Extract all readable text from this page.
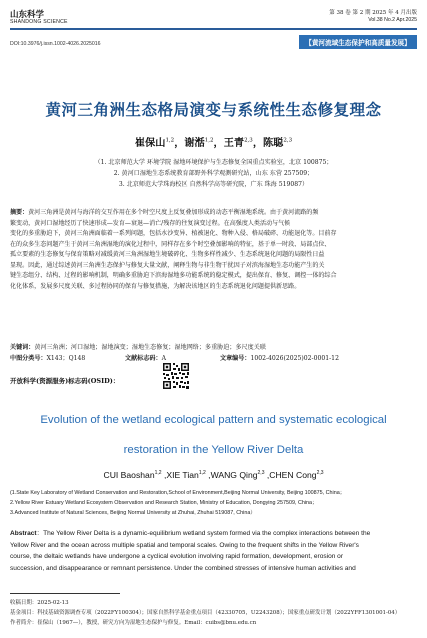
山东科学
SHANDONG SCIENCE
第 38 卷 第 2 期 2025 年 4 月出版
Vol.38 No.2 Apr.2025
DOI:10.3976/j.issn.1002-4026.2025016	【黄河流域生态保护和高质量发展】
黄河三角洲生态格局演变与系统性生态修复理念
崔保山$^{1,2}$，谢湉$^{1,2}$，王青$^{2,3}$，陈聪$^{2,3}$
（1. 北京师范大学 环境学院 湿地环境保护与生态修复全国重点实验室，北京 100875；
2. 黄河口湿地生态系统教育部野外科学观测研究站，山东 东营 257509；
3. 北京师范大学珠海校区 自然科学高等研究院，广东 珠海 519087）
摘要：黄河三角洲是黄河与海洋的交互作用在多个时空尺度上反复叠加形成的动态平衡湿地系统。由于黄河流路的频
繁变动，黄河口湿地经历了快速形成—发育—衰退—消亡/残存的往复演变过程。在高强度人类活动与气候
变化的多重胁迫下，黄河三角洲面临着一系列问题，包括水沙变异、植被退化、物种入侵、格局破碎、功能退化等。目前存
在的众多生态问题产生于黄河三角洲湿地的演化过程中，同样存在多个时空叠加影响的特征，基于单一时段、局部点位、
孤立要素的生态修复与保育策略对减缓黄河三角洲湿地生境破碎化、生物多样性减少、生态系统退化问题的局限性日益
显现。因此，通过综述黄河三角洲生态保护与修复大量文献，阐释生物与非生物干扰因子对滨海湿地生态功能产生的关
键生态组分、结构、过程的影响机制，明确多重胁迫下滨海湿地多功能系统的稳定模式，提出保育、修复、调控一体的综合
化化体系，发展多尺度关联、多过程协同的保育与修复措施，为解决该地区的生态系统退化问题提供新思路。
关键词：黄河三角洲；河口湿地；湿地演变；湿地生态修复；湿地网络；多重胁迫；多尺度关联
中图分类号：X143；Q148	文献标志码：A	文章编号：1002-4026(2025)02-0001-12
开放科学(资源服务)标志码(OSID)：
Evolution of the wetland ecological pattern and systematic ecological
restoration in the Yellow River Delta
CUI Baoshan$^{1,2}$ ,XIE Tian$^{1,2}$ ,WANG Qing$^{2,3}$ ,CHEN Cong$^{2,3}$
(1.State Key Laboratory of Wetland Conservation and Restoration,School of Environment,Beijing Normal University, Beijing 100875, China；
2.Yellow River Estuary Wetland Ecosystem Observation and Research Station, Ministry of Education, Dongying 257509, China；
3.Advanced Institute of Natural Sciences, Beijing Normal University at Zhuhai, Zhuhai 519087, China）
Abstract：The Yellow River Delta is a dynamic-equilibrium wetland system formed via the complex interactions between the
Yellow River and the ocean across multiple spatial and temporal scales. Owing to the frequent shifts in the Yellow River's
course, the deltaic wetlands have undergone a cyclical evolution involving rapid formation, development, erosion or
succession, and disappearance or remnant persistence. Under the combined stresses of intensive human activities and
收稿日期：2025-02-13
基金项目：科技基础资源调查专项（2022FY100304）；国家自然科学基金重点项目（42330705，U2243208）；国家重点研发计划（2022YFF1301001-04）
作者简介：崔保山（1967—），教授，研究方向为湿地生态保护与修复。Email：cuibs@bnu.edu.cn
